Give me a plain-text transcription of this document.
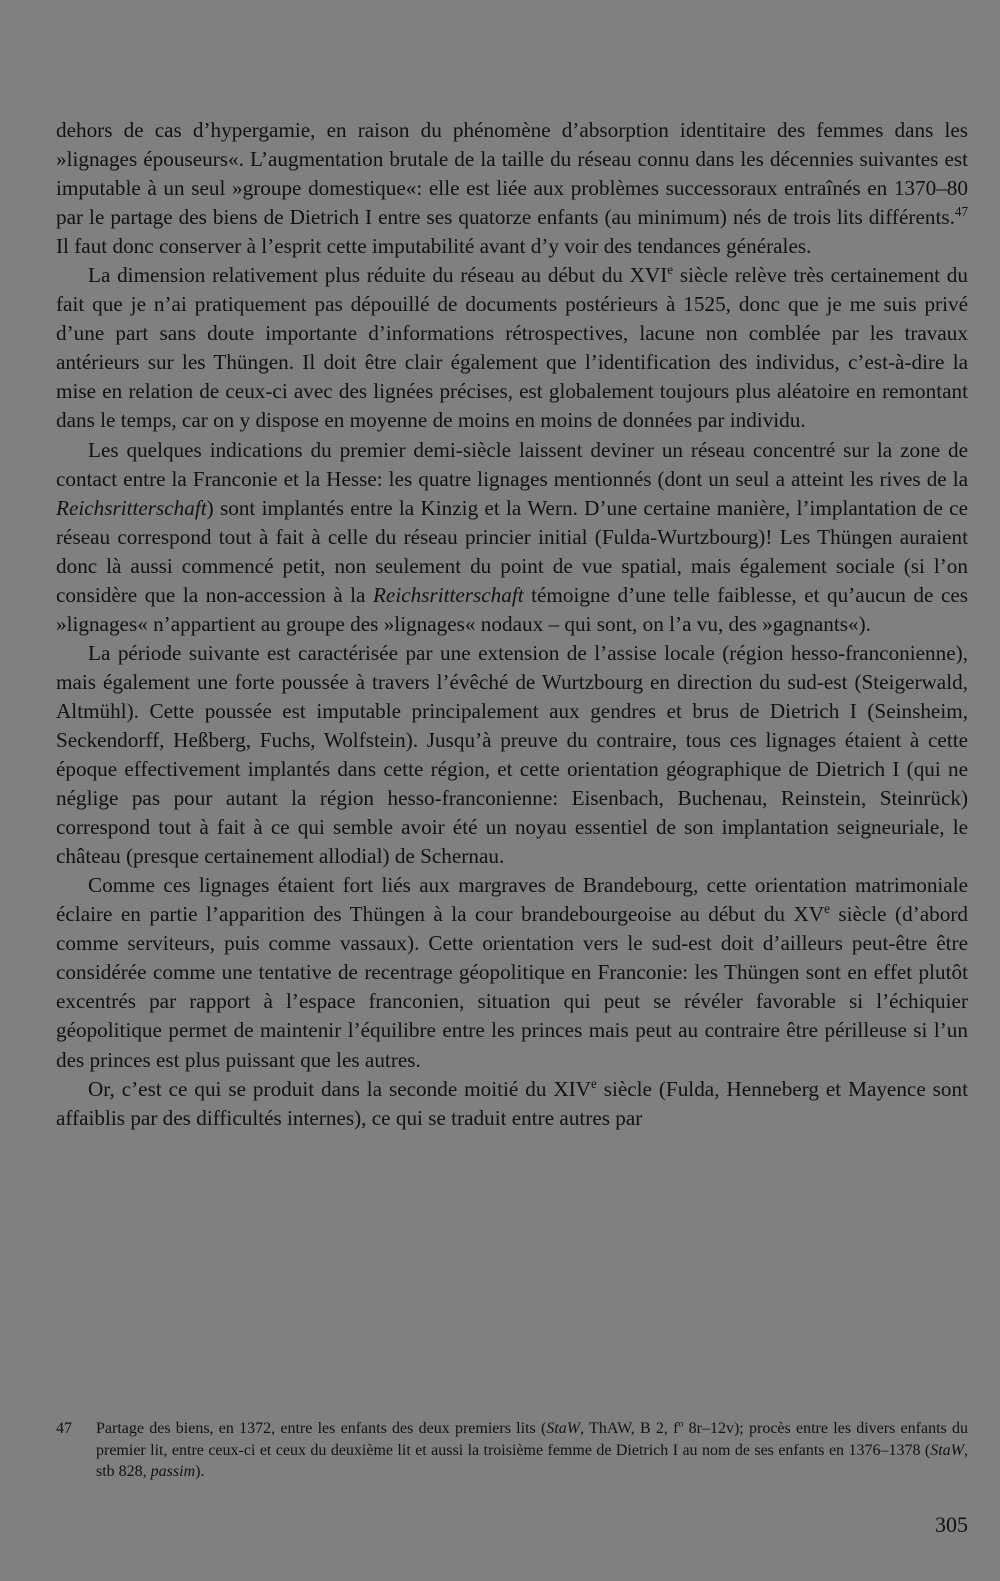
dehors de cas d’hypergamie, en raison du phénomène d’absorption identitaire des femmes dans les »lignages épouseurs«. L’augmentation brutale de la taille du réseau connu dans les décennies suivantes est imputable à un seul »groupe domestique«: elle est liée aux problèmes successoraux entraînés en 1370–80 par le partage des biens de Dietrich I entre ses quatorze enfants (au minimum) nés de trois lits différents.$^{47}$ Il faut donc conserver à l’esprit cette imputabilité avant d’y voir des tendances générales.

La dimension relativement plus réduite du réseau au début du XVIe siècle relève très certainement du fait que je n’ai pratiquement pas dépouillé de documents postérieurs à 1525, donc que je me suis privé d’une part sans doute importante d’informations rétrospectives, lacune non comblée par les travaux antérieurs sur les Thüngen. Il doit être clair également que l’identification des individus, c’est-à-dire la mise en relation de ceux-ci avec des lignées précises, est globalement toujours plus aléatoire en remontant dans le temps, car on y dispose en moyenne de moins en moins de données par individu.

Les quelques indications du premier demi-siècle laissent deviner un réseau concentré sur la zone de contact entre la Franconie et la Hesse: les quatre lignages mentionnés (dont un seul a atteint les rives de la Reichsritterschaft) sont implantés entre la Kinzig et la Wern. D’une certaine manière, l’implantation de ce réseau correspond tout à fait à celle du réseau princier initial (Fulda-Wurtzbourg)! Les Thüngen auraient donc là aussi commencé petit, non seulement du point de vue spatial, mais également sociale (si l’on considère que la non-accession à la Reichsritterschaft témoigne d’une telle faiblesse, et qu’aucun de ces »lignages« n’appartient au groupe des »lignages« nodaux – qui sont, on l’a vu, des »gagnants«).

La période suivante est caractérisée par une extension de l’assise locale (région hesso-franconienne), mais également une forte poussée à travers l’évêché de Wurtzbourg en direction du sud-est (Steigerwald, Altmühl). Cette poussée est imputable principalement aux gendres et brus de Dietrich I (Seinsheim, Seckendorff, Heßberg, Fuchs, Wolfstein). Jusqu’à preuve du contraire, tous ces lignages étaient à cette époque effectivement implantés dans cette région, et cette orientation géographique de Dietrich I (qui ne néglige pas pour autant la région hesso-franconienne: Eisenbach, Buchenau, Reinstein, Steinrück) correspond tout à fait à ce qui semble avoir été un noyau essentiel de son implantation seigneuriale, le château (presque certainement allodial) de Schernau.

Comme ces lignages étaient fort liés aux margraves de Brandebourg, cette orientation matrimoniale éclaire en partie l’apparition des Thüngen à la cour brandebourgeoise au début du XVe siècle (d’abord comme serviteurs, puis comme vassaux). Cette orientation vers le sud-est doit d’ailleurs peut-être être considérée comme une tentative de recentrage géopolitique en Franconie: les Thüngen sont en effet plutôt excentrés par rapport à l’espace franconien, situation qui peut se révéler favorable si l’échiquier géopolitique permet de maintenir l’équilibre entre les princes mais peut au contraire être périlleuse si l’un des princes est plus puissant que les autres.

Or, c’est ce qui se produit dans la seconde moitié du XIVe siècle (Fulda, Henneberg et Mayence sont affaiblis par des difficultés internes), ce qui se traduit entre autres par

47	Partage des biens, en 1372, entre les enfants des deux premiers lits (StaW, ThAW, B 2, $f^o$ 8r–12v); procès entre les divers enfants du premier lit, entre ceux-ci et ceux du deuxième lit et aussi la troisième femme de Dietrich I au nom de ses enfants en 1376–1378 (StaW, stb 828, passim).
305
